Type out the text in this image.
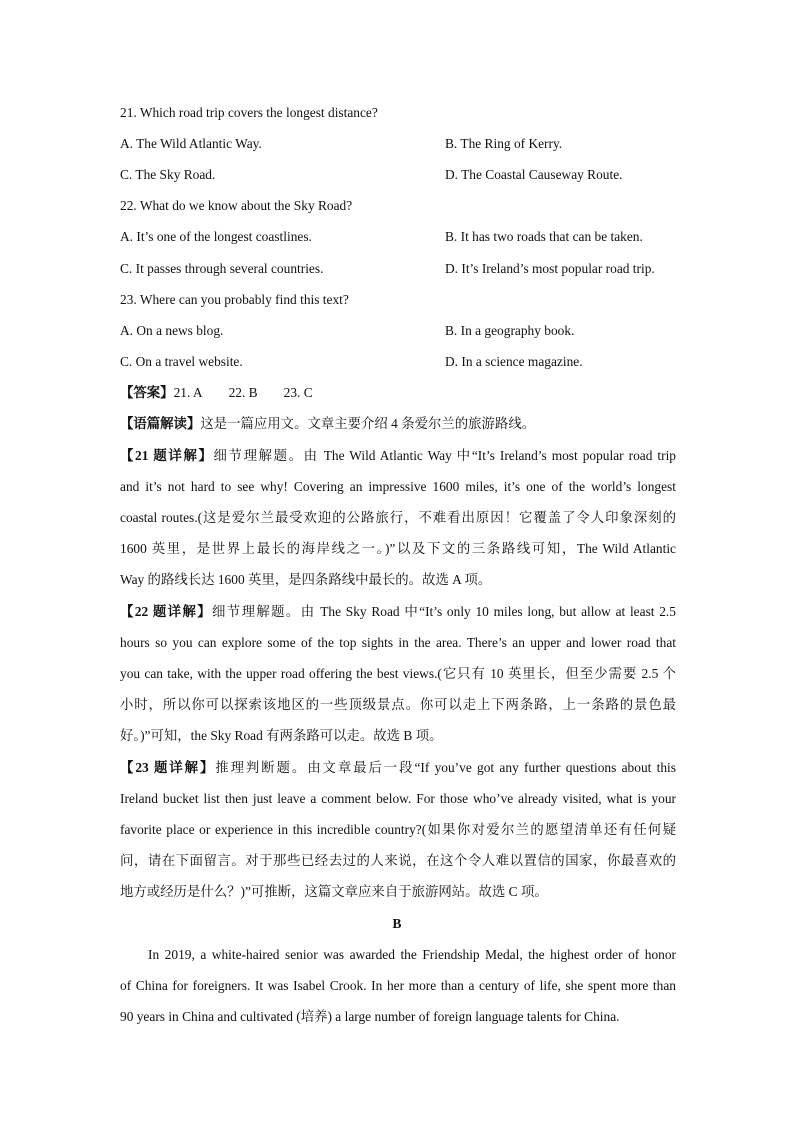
21. Which road trip covers the longest distance?
A. The Wild Atlantic Way.	B. The Ring of Kerry.
C. The Sky Road.	D. The Coastal Causeway Route.
22. What do we know about the Sky Road?
A. It’s one of the longest coastlines.	B. It has two roads that can be taken.
C. It passes through several countries.	D. It’s Ireland’s most popular road trip.
23. Where can you probably find this text?
A. On a news blog.	B. In a geography book.
C. On a travel website.	D. In a science magazine.
【答案】21. A 22. B 23. C
【语篇解读】这是一篇应用文。文章主要介绍 4 条爱尔兰的旅游路线。
【21 题详解】细节理解题。由 The Wild Atlantic Way 中“It’s Ireland’s most popular road trip
and it’s not hard to see why! Covering an impressive 1600 miles, it’s one of the world’s longest
coastal routes.(这是爱尔兰最受欢迎的公路旅行，不难看出原因！它覆盖了令人印象深刻的
1600 英里，是世界上最长的海岸线之一。)”以及下文的三条路线可知，The Wild Atlantic
Way 的路线长达 1600 英里，是四条路线中最长的。故选 A 项。
【22 题详解】细节理解题。由 The Sky Road 中“It’s only 10 miles long, but allow at least 2.5
hours so you can explore some of the top sights in the area. There’s an upper and lower road that
you can take, with the upper road offering the best views.(它只有 10 英里长，但至少需要 2.5 个
小时，所以你可以探索该地区的一些顶级景点。你可以走上下两条路，上一条路的景色最
好。)”可知，the Sky Road 有两条路可以走。故选 B 项。
【23 题详解】推理判断题。由文章最后一段“If you’ve got any further questions about this
Ireland bucket list then just leave a comment below. For those who’ve already visited, what is your
favorite place or experience in this incredible country?(如果你对爱尔兰的愿望清单还有任何疑
问，请在下面留言。对于那些已经去过的人来说，在这个令人难以置信的国家，你最喜欢的
地方或经历是什么？)”可推断，这篇文章应来自于旅游网站。故选 C 项。
B
In 2019, a white-haired senior was awarded the Friendship Medal, the highest order of honor
of China for foreigners. It was Isabel Crook. In her more than a century of life, she spent more than
90 years in China and cultivated (培养) a large number of foreign language talents for China.
